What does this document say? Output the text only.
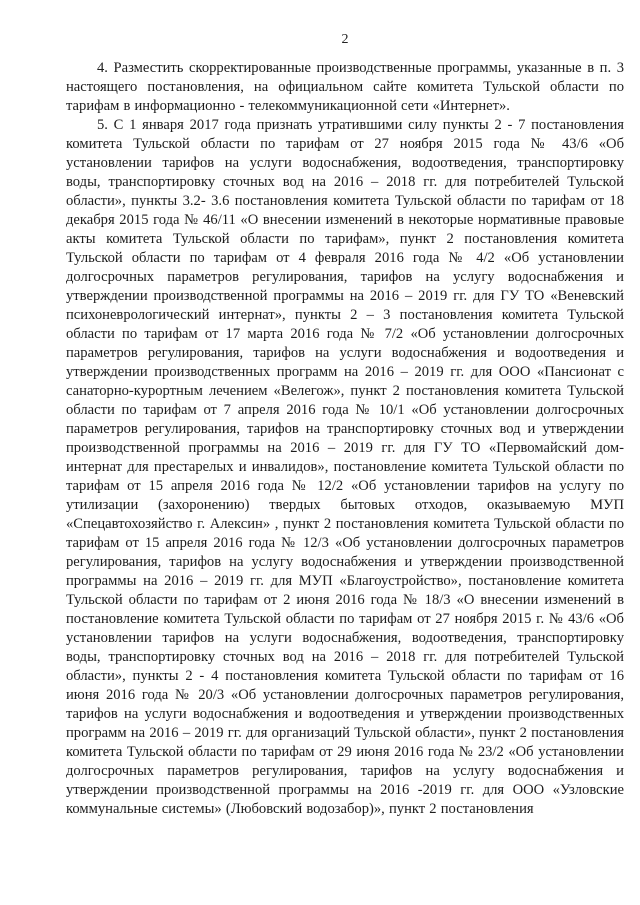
2

4. Разместить скорректированные производственные программы, указанные в п. 3 настоящего постановления, на официальном сайте комитета Тульской области по тарифам в информационно - телекоммуникационной сети «Интернет».

5. С 1 января 2017 года признать утратившими силу пункты 2 - 7 постановления комитета Тульской области по тарифам от 27 ноября 2015 года № 43/6 «Об установлении тарифов на услуги водоснабжения, водоотведения, транспортировку воды, транспортировку сточных вод на 2016 – 2018 гг. для потребителей Тульской области», пункты 3.2- 3.6 постановления комитета Тульской области по тарифам от 18 декабря 2015 года № 46/11 «О внесении изменений в некоторые нормативные правовые акты комитета Тульской области по тарифам», пункт 2 постановления комитета Тульской области по тарифам от 4 февраля 2016 года № 4/2 «Об установлении долгосрочных параметров регулирования, тарифов на услугу водоснабжения и утверждении производственной программы на 2016 – 2019 гг. для ГУ ТО «Веневский психоневрологический интернат», пункты 2 – 3 постановления комитета Тульской области по тарифам от 17 марта 2016 года № 7/2 «Об установлении долгосрочных параметров регулирования, тарифов на услуги водоснабжения и водоотведения и утверждении производственных программ на 2016 – 2019 гг. для ООО «Пансионат с санаторно-курортным лечением «Велегож», пункт 2 постановления комитета Тульской области по тарифам от 7 апреля 2016 года № 10/1 «Об установлении долгосрочных параметров регулирования, тарифов на транспортировку сточных вод и утверждении производственной программы на 2016 – 2019 гг. для ГУ ТО «Первомайский дом-интернат для престарелых и инвалидов», постановление комитета Тульской области по тарифам от 15 апреля 2016 года № 12/2 «Об установлении тарифов на услугу по утилизации (захоронению) твердых бытовых отходов, оказываемую МУП «Спецавтохозяйство г. Алексин» , пункт 2 постановления комитета Тульской области по тарифам от 15 апреля 2016 года № 12/3 «Об установлении долгосрочных параметров регулирования, тарифов на услугу водоснабжения и утверждении производственной программы на 2016 – 2019 гг. для МУП «Благоустройство», постановление комитета Тульской области по тарифам от 2 июня 2016 года № 18/3 «О внесении изменений в постановление комитета Тульской области по тарифам от 27 ноября 2015 г. № 43/6 «Об установлении тарифов на услуги водоснабжения, водоотведения, транспортировку воды, транспортировку сточных вод на 2016 – 2018 гг. для потребителей Тульской области», пункты 2 - 4 постановления комитета Тульской области по тарифам от 16 июня 2016 года № 20/3 «Об установлении долгосрочных параметров регулирования, тарифов на услуги водоснабжения и водоотведения и утверждении производственных программ на 2016 – 2019 гг. для организаций Тульской области», пункт 2 постановления комитета Тульской области по тарифам от 29 июня 2016 года № 23/2 «Об установлении долгосрочных параметров регулирования, тарифов на услугу водоснабжения и утверждении производственной программы на 2016 -2019 гг. для ООО «Узловские коммунальные системы» (Любовский водозабор)», пункт 2 постановления
